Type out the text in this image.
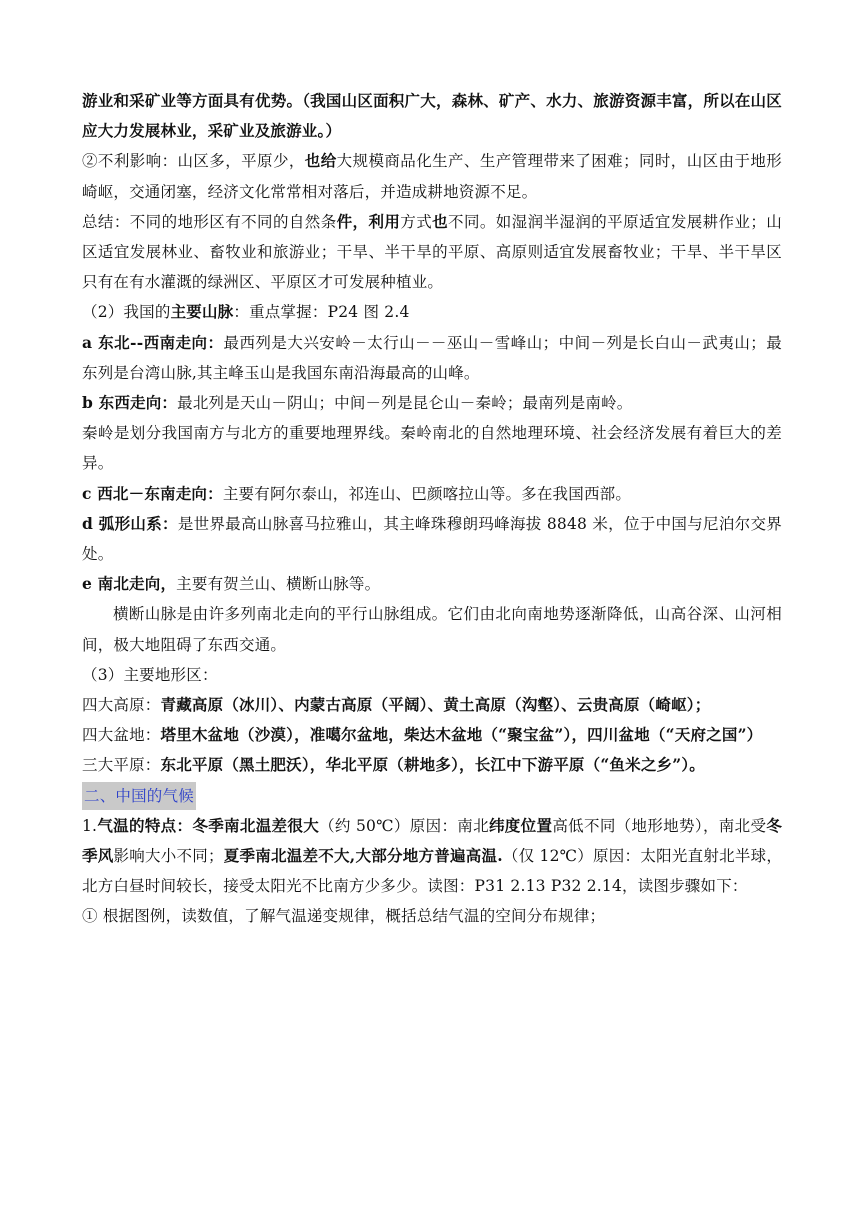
游业和采矿业等方面具有优势。（我国山区面积广大，森林、矿产、水力、旅游资源丰富，所以在山区应大力发展林业，采矿业及旅游业。）

②不利影响：山区多，平原少，也给大规模商品化生产、生产管理带来了困难；同时，山区由于地形崎岖，交通闭塞，经济文化常常相对落后，并造成耕地资源不足。

总结：不同的地形区有不同的自然条件，利用方式也不同。如湿润半湿润的平原适宜发展耕作业；山区适宜发展林业、畜牧业和旅游业；干旱、半干旱的平原、高原则适宜发展畜牧业；干旱、半干旱区只有在有水灌溉的绿洲区、平原区才可发展种植业。

（2）我国的主要山脉：重点掌握：P24 图 2.4

a 东北--西南走向：最西列是大兴安岭－太行山－－巫山－雪峰山；中间－列是长白山－武夷山；最东列是台湾山脉,其主峰玉山是我国东南沿海最高的山峰。

b 东西走向：最北列是天山－阴山；中间－列是昆仑山－秦岭；最南列是南岭。

秦岭是划分我国南方与北方的重要地理界线。秦岭南北的自然地理环境、社会经济发展有着巨大的差异。

c 西北－东南走向：主要有阿尔泰山，祁连山、巴颜喀拉山等。多在我国西部。

d 弧形山系：是世界最高山脉喜马拉雅山，其主峰珠穆朗玛峰海拔 8848 米，位于中国与尼泊尔交界处。

e 南北走向，主要有贺兰山、横断山脉等。

横断山脉是由许多列南北走向的平行山脉组成。它们由北向南地势逐渐降低，山高谷深、山河相间，极大地阻碍了东西交通。

（3）主要地形区：

四大高原：青藏高原（冰川）、内蒙古高原（平阔）、黄土高原（沟壑）、云贵高原（崎岖）；

四大盆地：塔里木盆地（沙漠），准噶尔盆地，柴达木盆地（“聚宝盆”），四川盆地（“天府之国”）

三大平原：东北平原（黑土肥沃），华北平原（耕地多），长江中下游平原（“鱼米之乡”）。

二、中国的气候

1.气温的特点：冬季南北温差很大（约 50℃）原因：南北纬度位置高低不同（地形地势），南北受冬季风影响大小不同；夏季南北温差不大,大部分地方普遍高温.（仅 12℃）原因：太阳光直射北半球，北方白昼时间较长，接受太阳光不比南方少多少。读图：P31 2.13 P32 2.14，读图步骤如下：

① 根据图例，读数值，了解气温递变规律，概括总结气温的空间分布规律；
